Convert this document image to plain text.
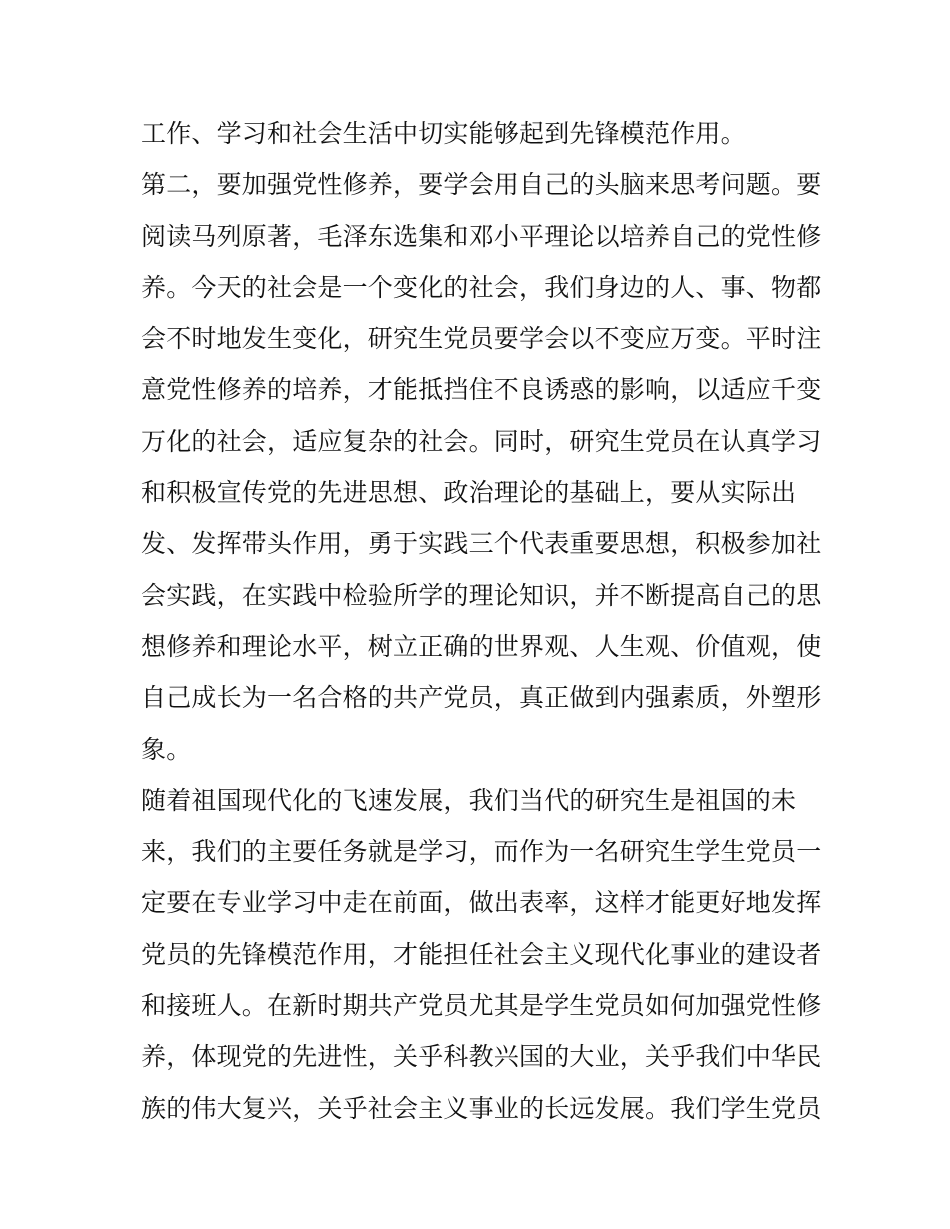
工作、学习和社会生活中切实能够起到先锋模范作用。
第二，要加强党性修养，要学会用自己的头脑来思考问题。要
阅读马列原著，毛泽东选集和邓小平理论以培养自己的党性修
养。今天的社会是一个变化的社会，我们身边的人、事、物都
会不时地发生变化，研究生党员要学会以不变应万变。平时注
意党性修养的培养，才能抵挡住不良诱惑的影响，以适应千变
万化的社会，适应复杂的社会。同时，研究生党员在认真学习
和积极宣传党的先进思想、政治理论的基础上，要从实际出
发、发挥带头作用，勇于实践三个代表重要思想，积极参加社
会实践，在实践中检验所学的理论知识，并不断提高自己的思
想修养和理论水平，树立正确的世界观、人生观、价值观，使
自己成长为一名合格的共产党员，真正做到内强素质，外塑形
象。
随着祖国现代化的飞速发展，我们当代的研究生是祖国的未
来，我们的主要任务就是学习，而作为一名研究生学生党员一
定要在专业学习中走在前面，做出表率，这样才能更好地发挥
党员的先锋模范作用，才能担任社会主义现代化事业的建设者
和接班人。在新时期共产党员尤其是学生党员如何加强党性修
养，体现党的先进性，关乎科教兴国的大业，关乎我们中华民
族的伟大复兴，关乎社会主义事业的长远发展。我们学生党员
